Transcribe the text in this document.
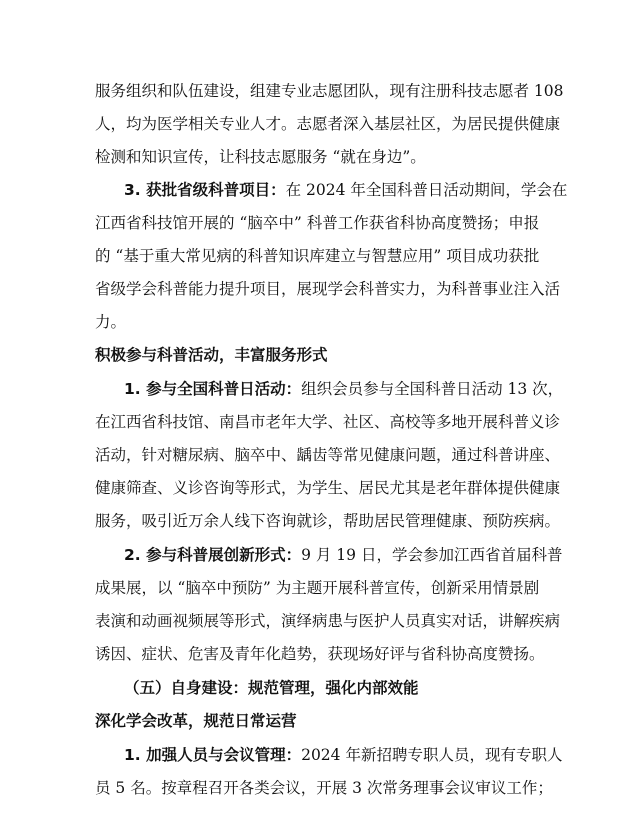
服务组织和队伍建设，组建专业志愿团队，现有注册科技志愿者 108
人，均为医学相关专业人才。志愿者深入基层社区，为居民提供健康
检测和知识宣传，让科技志愿服务 “就在身边”。
3. 获批省级科普项目：在 2024 年全国科普日活动期间，学会在
江西省科技馆开展的 “脑卒中” 科普工作获省科协高度赞扬；申报
的 “基于重大常见病的科普知识库建立与智慧应用” 项目成功获批
省级学会科普能力提升项目，展现学会科普实力，为科普事业注入活
力。
积极参与科普活动，丰富服务形式
1. 参与全国科普日活动：组织会员参与全国科普日活动 13 次，
在江西省科技馆、南昌市老年大学、社区、高校等多地开展科普义诊
活动，针对糖尿病、脑卒中、龋齿等常见健康问题，通过科普讲座、
健康筛查、义诊咨询等形式，为学生、居民尤其是老年群体提供健康
服务，吸引近万余人线下咨询就诊，帮助居民管理健康、预防疾病。
2. 参与科普展创新形式：9 月 19 日，学会参加江西省首届科普
成果展，以 “脑卒中预防” 为主题开展科普宣传，创新采用情景剧
表演和动画视频展等形式，演绎病患与医护人员真实对话，讲解疾病
诱因、症状、危害及青年化趋势，获现场好评与省科协高度赞扬。
（五）自身建设：规范管理，强化内部效能
深化学会改革，规范日常运营
1. 加强人员与会议管理：2024 年新招聘专职人员，现有专职人
员 5 名。按章程召开各类会议，开展 3 次常务理事会议审议工作；
